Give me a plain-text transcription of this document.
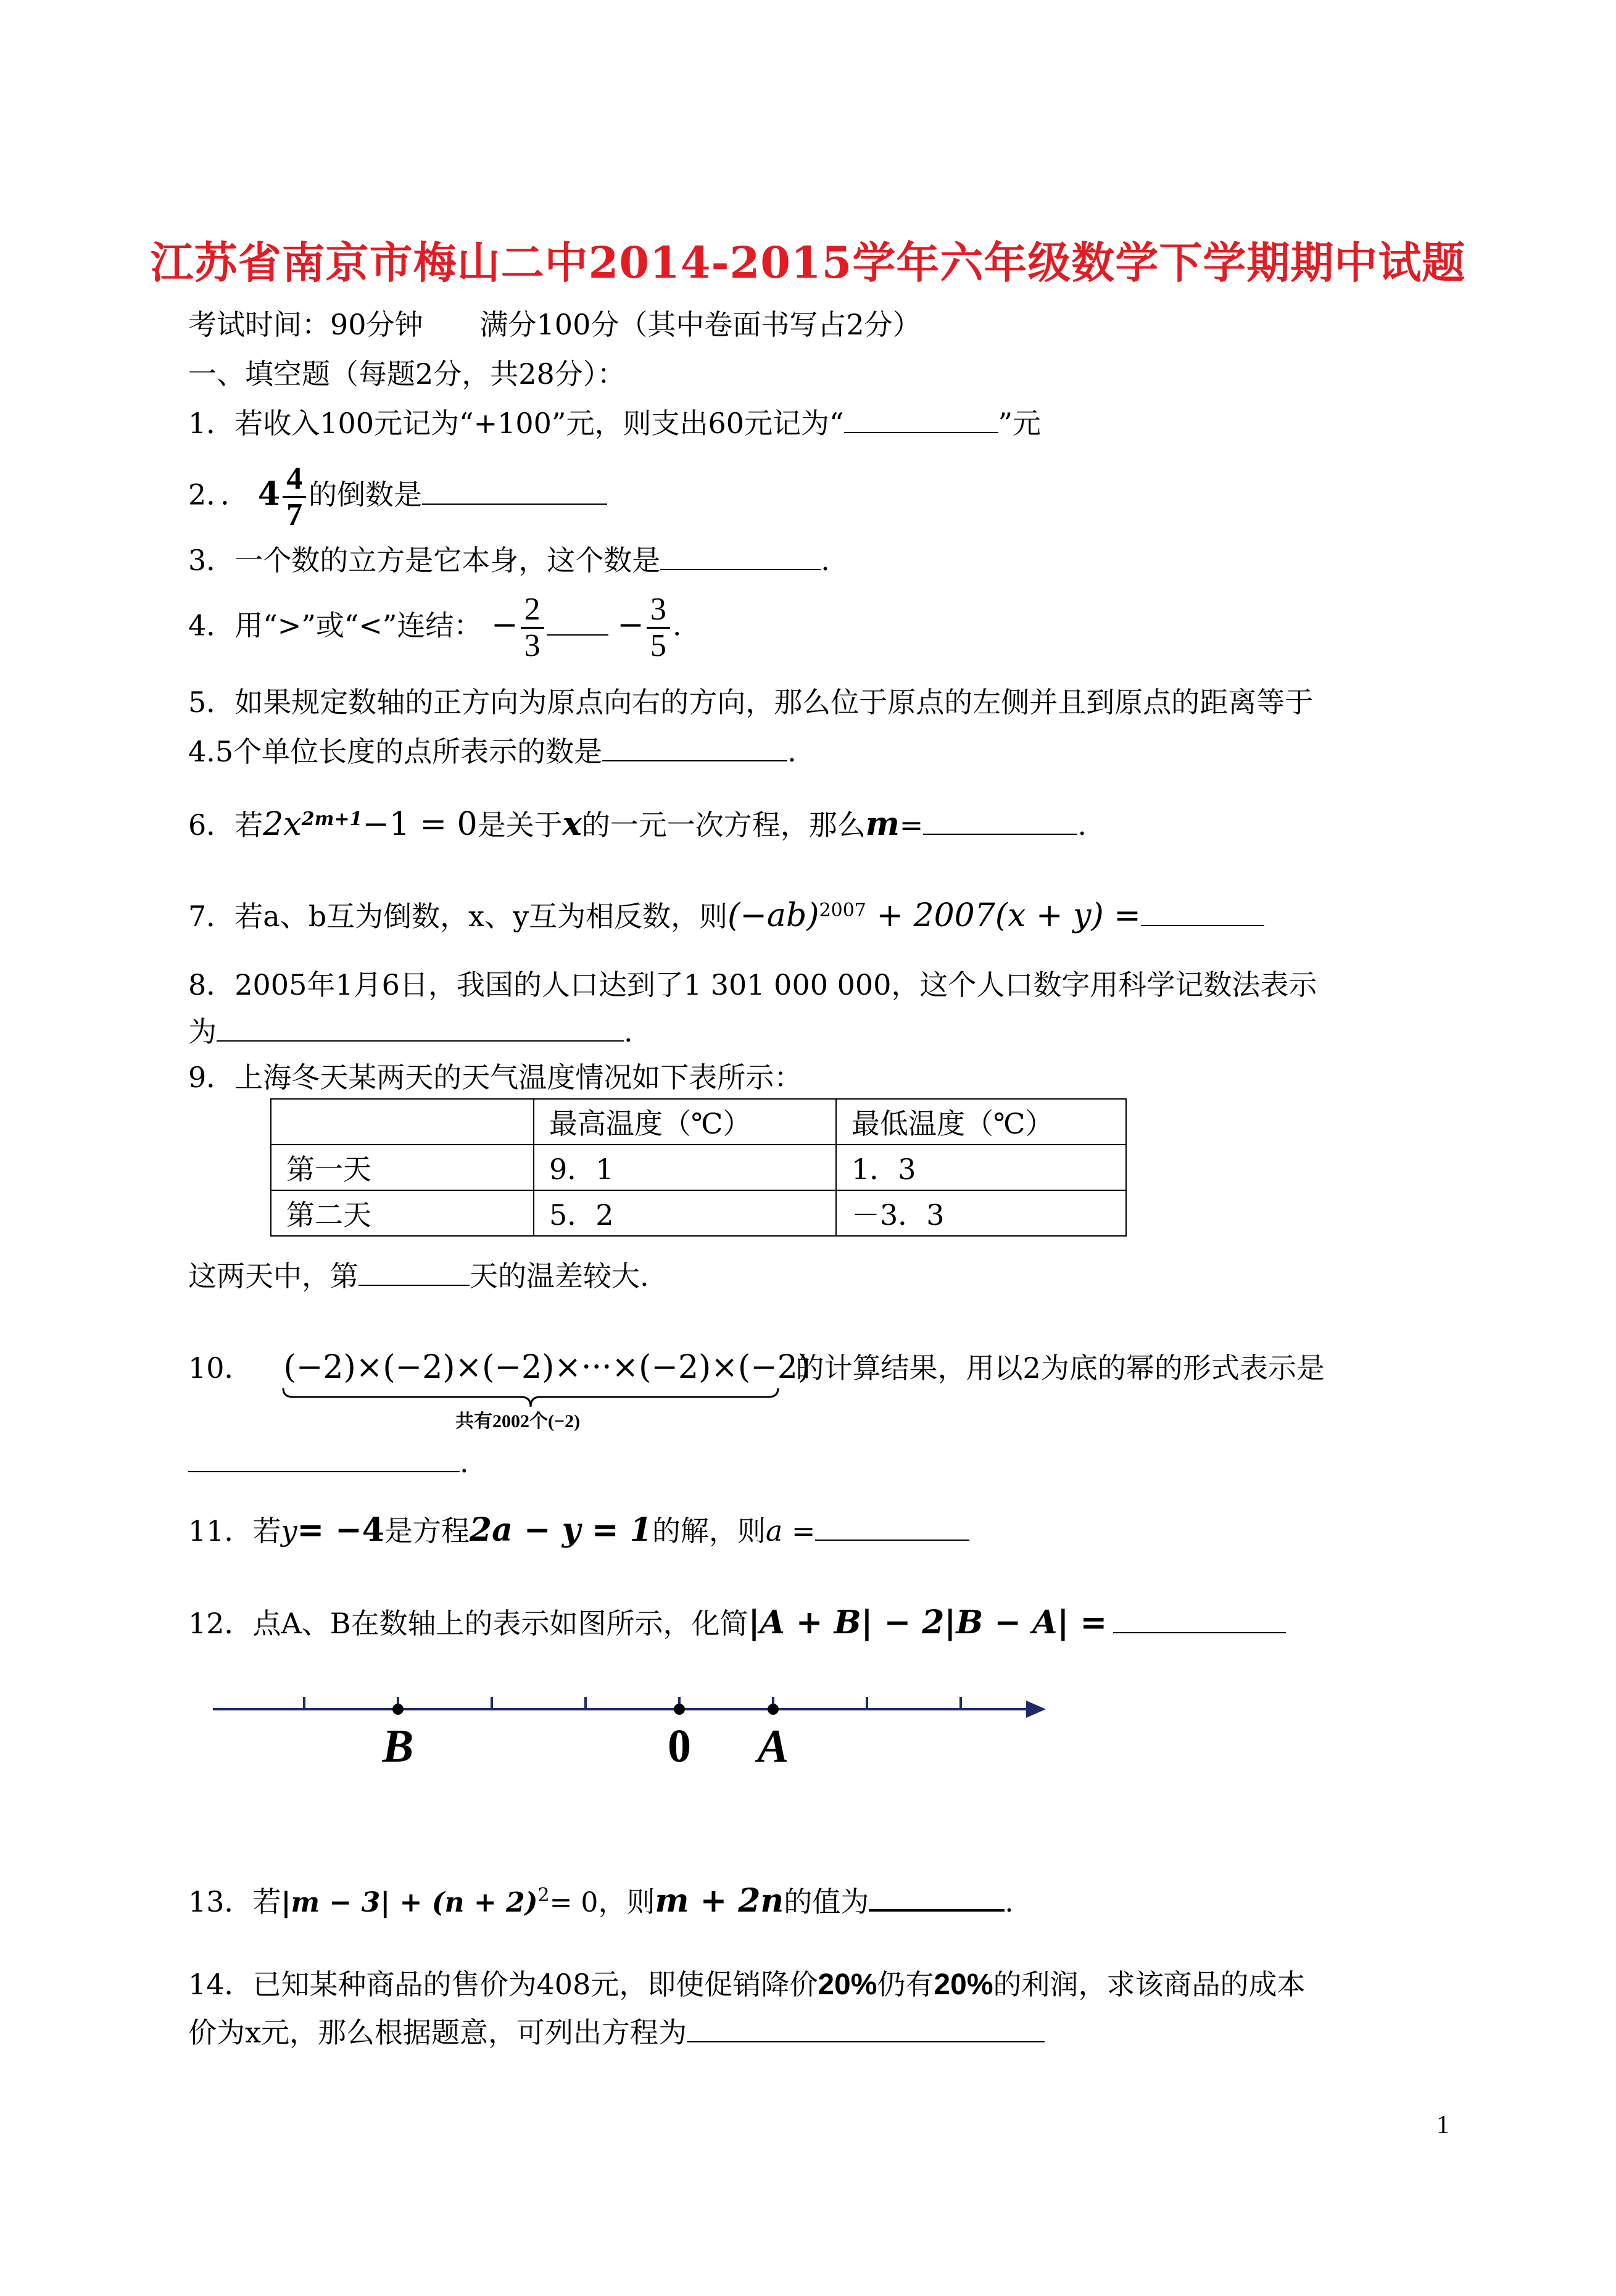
江苏省南京市梅山二中2014-2015学年六年级数学下学期期中试题
考试时间：90分钟　　满分100分（其中卷面书写占2分）
一、填空题（每题2分，共28分）：
1．若收入100元记为“+100”元，则支出60元记为“	”元
2．． $4 \frac{4}{7}$ 的倒数是
3．一个数的立方是它本身，这个数是	.
4．用“>”或“<”连结： − $\frac{2}{3} - \frac{3}{5}$ .
5．如果规定数轴的正方向为原点向右的方向，那么位于原点的左侧并且到原点的距离等于
4.5个单位长度的点所表示的数是	.
6．若$2x^{2m+1}-1 = 0$是关于x的一元一次方程，那么m=	.
7．若a、b互为倒数，x、y互为相反数，则$(-ab)^{2007} + 2007(x + y)$ =
8．2005年1月6日，我国的人口达到了1 301 000 000，这个人口数字用科学记数法表示
为	.
9．上海冬天某两天的天气温度情况如下表所示：
	最高温度（℃）	最低温度（℃）
第一天	9．1	1．3
第二天	5．2	－3．3
这两天中，第	天的温差较大.
10． (−2)×(−2)×(−2)×···×(−2)×(−2)的计算结果，用以2为底的幂的形式表示是
共有2002个(−2)
.
11．若y= −4是方程2a − y = 1的解，则a =
12．点A、B在数轴上的表示如图所示，化简|A + B| − 2|B − A| =
B	0 A
13．若$|m - 3| + (n + 2)^2= 0$，则m + 2n的值为	.
14．已知某种商品的售价为408元，即使促销降价20%仍有20%的利润，求该商品的成本
价为x元，那么根据题意，可列出方程为
1
